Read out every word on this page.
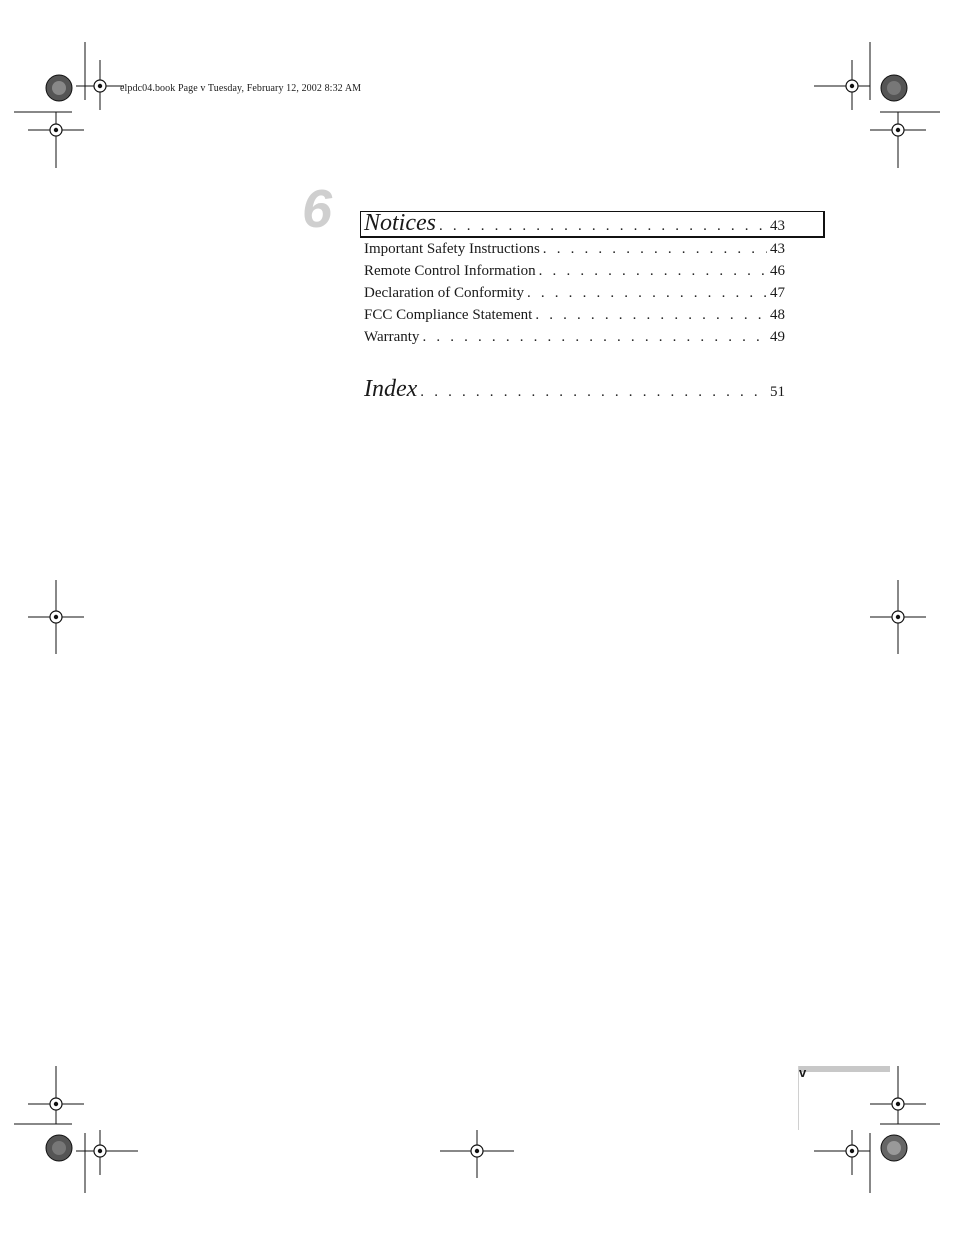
elpdc04.book Page v Tuesday, February 12, 2002 8:32 AM
6 Notices . . .	43
Important Safety Instructions . . .	43
Remote Control Information . . .	46
Declaration of Conformity . . .	47
FCC Compliance Statement . . .	48
Warranty . . .	49
Index . . .	51
v
